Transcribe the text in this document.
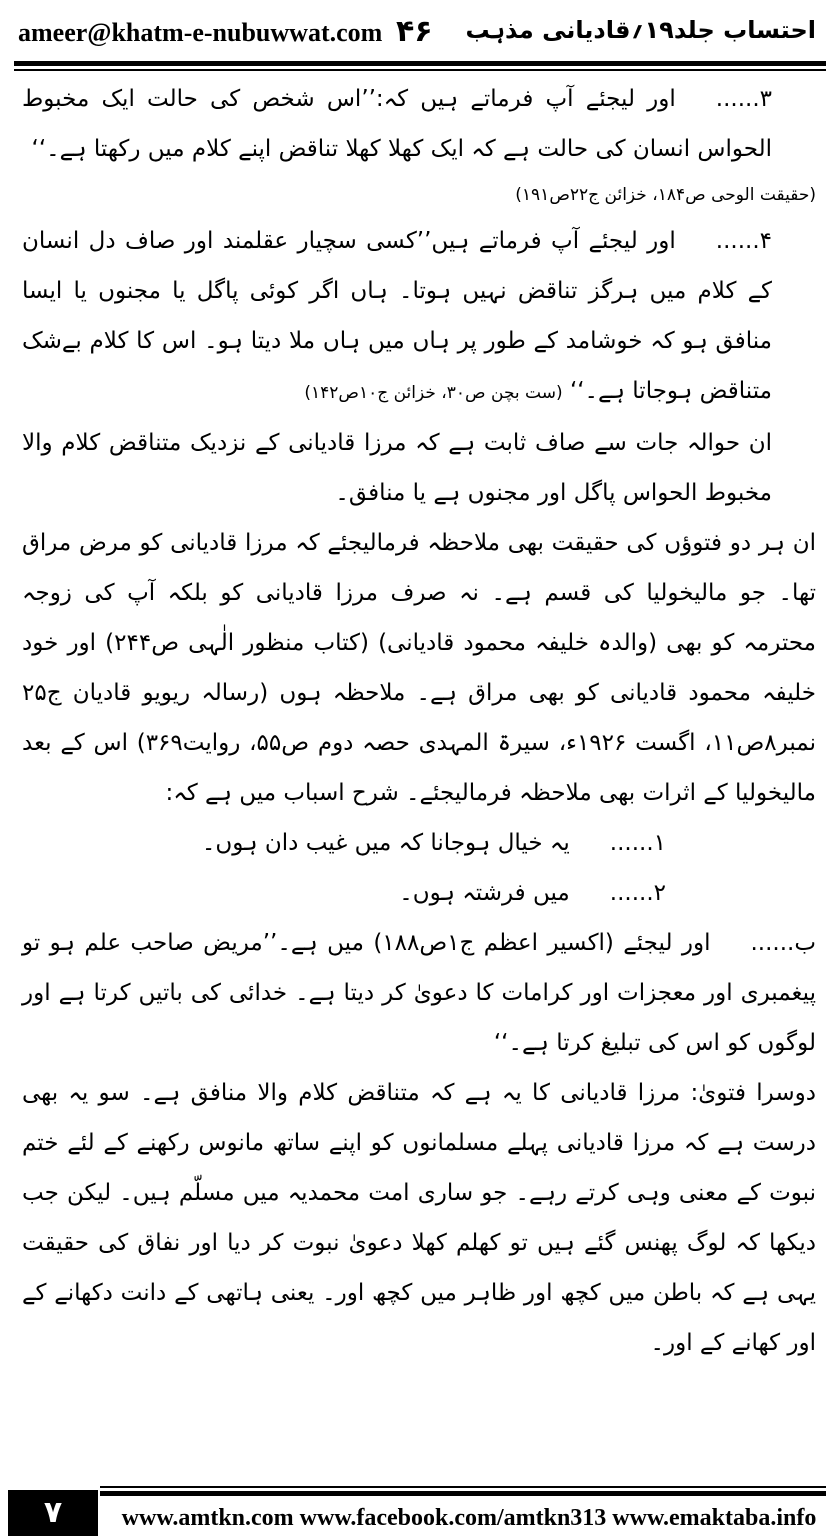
ameer@khatm-e-nubuwwat.com ۴۶ احتساب جلد۱۹؍قادیانی مذہب

۳......اور لیجئے آپ فرماتے ہیں کہ:’’اس شخص کی حالت ایک مخبوط الحواس انسان کی حالت ہے کہ ایک کھلا کھلا تناقض اپنے کلام میں رکھتا ہے۔‘‘

(حقیقت الوحی ص۱۸۴، خزائن ج۲۲ص۱۹۱)

۴......اور لیجئے آپ فرماتے ہیں’’کسی سچیار عقلمند اور صاف دل انسان کے کلام میں ہرگز تناقض نہیں ہوتا۔ ہاں اگر کوئی پاگل یا مجنوں یا ایسا منافق ہو کہ خوشامد کے طور پر ہاں میں ہاں ملا دیتا ہو۔ اس کا کلام بےشک متناقض ہوجاتا ہے۔‘‘ (ست بچن ص۳۰، خزائن ج۱۰ص۱۴۲)

ان حوالہ جات سے صاف ثابت ہے کہ مرزا قادیانی کے نزدیک متناقض کلام والا مخبوط الحواس پاگل اور مجنوں ہے یا منافق۔

ان ہر دو فتوؤں کی حقیقت بھی ملاحظہ فرمالیجئے کہ مرزا قادیانی کو مرض مراق تھا۔ جو مالیخولیا کی قسم ہے۔ نہ صرف مرزا قادیانی کو بلکہ آپ کی زوجہ محترمہ کو بھی (والدہ خلیفہ محمود قادیانی) (کتاب منظور الٰہی ص۲۴۴) اور خود خلیفہ محمود قادیانی کو بھی مراق ہے۔ ملاحظہ ہوں (رسالہ ریویو قادیان ج۲۵ نمبر۸ص۱۱، اگست ۱۹۲۶ء، سیرۃ المہدی حصہ دوم ص۵۵، روایت۳۶۹) اس کے بعد مالیخولیا کے اثرات بھی ملاحظہ فرمالیجئے۔ شرح اسباب میں ہے کہ:

۱......یہ خیال ہوجانا کہ میں غیب دان ہوں۔

۲......میں فرشتہ ہوں۔

ب......اور لیجئے (اکسیر اعظم ج۱ص۱۸۸) میں ہے۔’’مریض صاحب علم ہو تو پیغمبری اور معجزات اور کرامات کا دعویٰ کر دیتا ہے۔ خدائی کی باتیں کرتا ہے اور لوگوں کو اس کی تبلیغ کرتا ہے۔‘‘

دوسرا فتویٰ: مرزا قادیانی کا یہ ہے کہ متناقض کلام والا منافق ہے۔ سو یہ بھی درست ہے کہ مرزا قادیانی پہلے مسلمانوں کو اپنے ساتھ مانوس رکھنے کے لئے ختم نبوت کے معنی وہی کرتے رہے۔ جو ساری امت محمدیہ میں مسلّم ہیں۔ لیکن جب دیکھا کہ لوگ پھنس گئے ہیں تو کھلم کھلا دعویٰ نبوت کر دیا اور نفاق کی حقیقت یہی ہے کہ باطن میں کچھ اور ظاہر میں کچھ اور۔ یعنی ہاتھی کے دانت دکھانے کے اور کھانے کے اور۔

۷	www.amtkn.com www.facebook.com/amtkn313 www.emaktaba.info
